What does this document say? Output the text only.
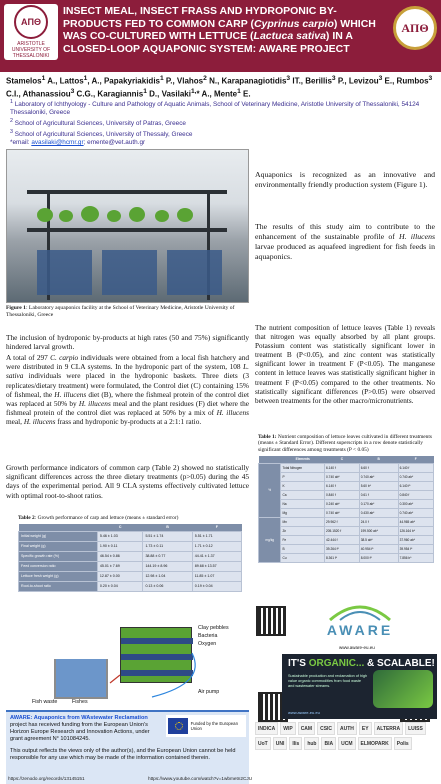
ΑΠΘ
ARISTOTLE UNIVERSITY OF THESSALONIKI
INSECT MEAL, INSECT FRASS AND HYDROPONIC BY-PRODUCTS FED TO COMMON CARP (Cyprinus carpio) WHICH WAS CO-CULTURED WITH LETTUCE (Lactuca sativa) IN A CLOSED-LOOP AQUAPONIC SYSTEM: AWARE PROJECT
ΑΠΘ
Stamelos$^1$ A., Lattos$^1$, A., Papakyriakidis$^1$ P., Vlahos$^2$ N., Karapanagiotidis$^3$ IT., Berillis$^3$ P., Levizou$^3$ E., Rumbos$^3$ C.I., Athanassiou$^3$ C.G., Karagiannis$^1$ D., Vasilaki$^{1,}$* A., Mente$^1$ E.
$^1$ Laboratory of Ichthyology - Culture and Pathology of Aquatic Animals, School of Veterinary Medicine, Aristotle University of Thessaloniki, 54124 Thessaloniki, Greece
$^2$ School of Agricultural Sciences, University of Patras, Greece
$^3$ School of Agricultural Sciences, University of Thessaly, Greece
*email: avasilaki@hcmr.gr; emente@vet.auth.gr
Figure 1: Laboratory aquaponics facility at the School of Veterinary Medicine, Aristotle University of Thessaloniki, Greece
Aquaponics is recognized as an innovative and environmentally friendly production system (Figure 1).
The results of this study aim to contribute to the enhancement of the sustainable profile of H. illucens larvae produced as aquafeed ingredient for fish feeds in aquaponics.
The inclusion of hydroponic by-products at high rates (50 and 75%) significantly hindered larval growth.
A total of 297 C. carpio individuals were obtained from a local fish hatchery and were distributed in 9 CLA systems. In the hydroponic part of the system, 108 L. sativa individuals were placed in the hydroponic baskets. Three diets (3 replicates/dietary treatment) were formulated, the Control diet (C) containing 15% of fishmeal, the H. illucens diet (B), where the fishmeal protein of the control diet was replaced at 50% by H. illucens meal and the plant residues (F) diet where the fishmeal protein of the control diet was replaced at 50% by a mix of H. illucens meal, H. illucens frass and hydroponic by-products at a 2:1:1 ratio.
Growth performance indicators of common carp (Table 2) showed no statistically significant differences across the three dietary treatments (p>0.05) during the 45 days of the experimental period. All 9 CLA systems effectively cultivated lettuce with optimal root-to-shoot ratios.
The nutrient composition of lettuce leaves (Table 1) reveals that nitrogen was equally absorbed by all plant groups. Potassium content was statistically significant lower in treatment B (P<0.05), and zinc content was statistically significant lower in treatment F (P<0.05). The manganese content in lettuce leaves was statistically significant higher in treatment F (P<0.05) compared to the other treatments. No statistically significant differences (P>0.05) were observed between treatments for the other macro/micronutrients.
Table 2: Growth performance of carp and lettuce (means ± standard error)
	C	B	F
Initial weight (g)	5.46 ± 1.03	5.51 ± 1.74	5.51 ± 1.71
Final weight (g)	1.90 ± 0.11	1.73 ± 0.11	1.71 ± 0.12
Specific growth rate (%)	46.54 ± 0.86	38.88 ± 0.77	44.41 ± 1.37
Feed conversion ratio	45.01 ± 7.69	144.19 ± 8.96	89.68 ± 13.57
Lettuce fresh weight (g)	12.87 ± 0.00	12.98 ± 1.04	11.85 ± 1.07
Root-to-shoot ratio	0.20 ± 0.04	0.13 ± 0.06	0.19 ± 0.04
Clay pebbles
Bacteria
Oxygen
Air pump
Fish waste	Fishes
Table 1: Nutrient composition of lettuce leaves cultivated in different treatments (means ± Standard Error). Different superscripts in a row denote statistically significant differences among treatments (P < 0.05)
	Elements	C	B	F
%	Total Nitrogen	6.140 f	6.60 f	6.140 f
	P	0.740 ab*	0.740 ab*	0.740 ab*
	K	6.140 f	5.60 b*	6.140 f*
	Ca	0.840 f	0.61 f	0.840 f
	Na	0.240 ab*	0.170 ab*	0.300 ab*
	Mg	0.740 ab*	0.430 ab*	0.740 ab*
mg/kg	Mn	29.962 f	24.0 f	44.965 ab*
	Zn	205.1520 f	199.500 ab*	126.164 b*
	Fe	42.444 f	38.5 ab*	37.960 ab*
	B	39.264 f*	40.954 f*	39.954 f*
	Cu	8.361 f*	8.000 f*	7.856 b*
AWARE
www.aware-eu.eu
IT'S ORGANIC... & SCALABLE!
Sustainable production and reclamation of high value organic commodities from food waste and wastewater streams.
www.aware-eu.eu

AWARE: Aquaponics from WAstewater Reclamation project has received funding from the European Union's Horizon Europe Research and Innovation Actions, under grant agreement N° 101084245.

This output reflects the views only of the author(s), and the European Union cannot be held responsible for any use which may be made of the information contained therein.

Funded by the European Union
https://zenodo.org/records/13145151	https://www.youtube.com/watch?v=1wbmetn2CJU
INDICA	WIP	CAM	CSIC	AUTH	EY	ALTERRA	LUISS
UoT	UNI	Ilis	hub	BIA	UCM	ELMOPARK	Polis
